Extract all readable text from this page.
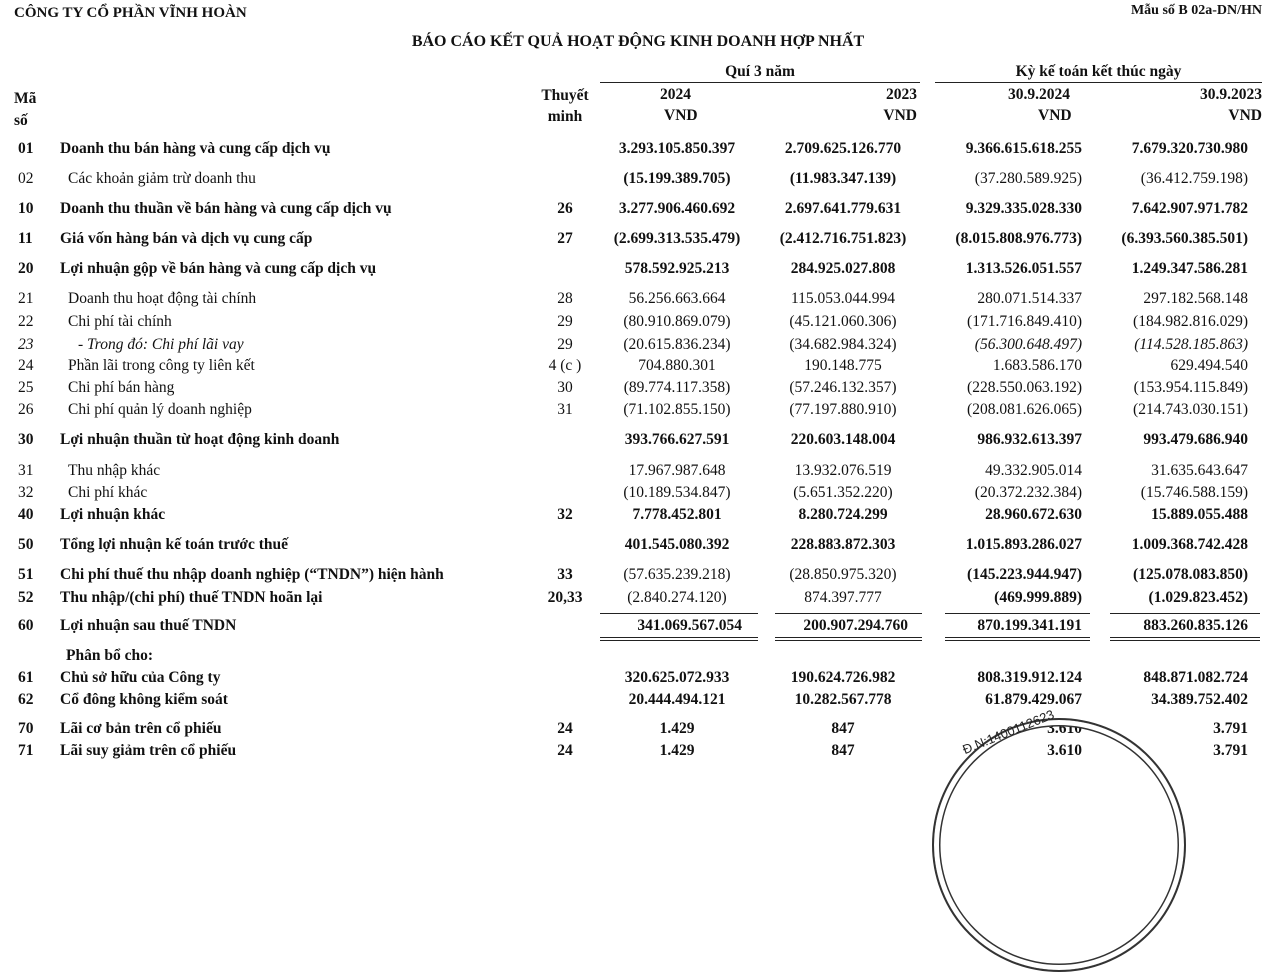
CÔNG TY CỔ PHẦN VĨNH HOÀN	Mẫu số B 02a-DN/HN
BÁO CÁO KẾT QUẢ HOẠT ĐỘNG KINH DOANH HỢP NHẤT
Mã
số
Thuyết
minh
Quí 3 năm	Kỳ kế toán kết thúc ngày
2024	2023	30.9.2024	30.9.2023
VND	VND	VND	VND
01 Doanh thu bán hàng và cung cấp dịch vụ	3.293.105.850.397	2.709.625.126.770	9.366.615.618.255	7.679.320.730.980
02 Các khoản giảm trừ doanh thu	(15.199.389.705)	(11.983.347.139)	(37.280.589.925)	(36.412.759.198)
10 Doanh thu thuần về bán hàng và cung cấp dịch vụ	26	3.277.906.460.692	2.697.641.779.631	9.329.335.028.330	7.642.907.971.782
11 Giá vốn hàng bán và dịch vụ cung cấp	27	(2.699.313.535.479)	(2.412.716.751.823)	(8.015.808.976.773)	(6.393.560.385.501)
20 Lợi nhuận gộp về bán hàng và cung cấp dịch vụ	578.592.925.213	284.925.027.808	1.313.526.051.557	1.249.347.586.281
21 Doanh thu hoạt động tài chính	28	56.256.663.664	115.053.044.994	280.071.514.337	297.182.568.148
22 Chi phí tài chính	29	(80.910.869.079)	(45.121.060.306)	(171.716.849.410)	(184.982.816.029)
23	- Trong đó: Chi phí lãi vay	29	(20.615.836.234)	(34.682.984.324)	(56.300.648.497)	(114.528.185.863)
24 Phần lãi trong công ty liên kết	4 (c )	704.880.301	190.148.775	1.683.586.170	629.494.540
25 Chi phí bán hàng	30	(89.774.117.358)	(57.246.132.357)	(228.550.063.192)	(153.954.115.849)
26 Chi phí quản lý doanh nghiệp	31	(71.102.855.150)	(77.197.880.910)	(208.081.626.065)	(214.743.030.151)
30 Lợi nhuận thuần từ hoạt động kinh doanh	393.766.627.591	220.603.148.004	986.932.613.397	993.479.686.940
31 Thu nhập khác	17.967.987.648	13.932.076.519	49.332.905.014	31.635.643.647
32 Chi phí khác	(10.189.534.847)	(5.651.352.220)	(20.372.232.384)	(15.746.588.159)
40 Lợi nhuận khác	32	7.778.452.801	8.280.724.299	28.960.672.630	15.889.055.488
50 Tổng lợi nhuận kế toán trước thuế	401.545.080.392	228.883.872.303	1.015.893.286.027	1.009.368.742.428
51 Chi phí thuế thu nhập doanh nghiệp (“TNDN”) hiện hành	33	(57.635.239.218)	(28.850.975.320)	(145.223.944.947)	(125.078.083.850)
52 Thu nhập/(chi phí) thuế TNDN hoãn lại	20,33	(2.840.274.120)	874.397.777	(469.999.889)	(1.029.823.452)
60 Lợi nhuận sau thuế TNDN	341.069.567.054	200.907.294.760	870.199.341.191	883.260.835.126
Phân bổ cho:
61 Chủ sở hữu của Công ty	320.625.072.933	190.624.726.982	808.319.912.124	848.871.082.724
62 Cổ đông không kiểm soát	20.444.494.121	10.282.567.778	61.879.429.067	34.389.752.402
70 Lãi cơ bản trên cổ phiếu	24	1.429	847	3.610	3.791
71 Lãi suy giảm trên cổ phiếu	24	1.429	847	3.610	3.791
Đ.N:1400112623
